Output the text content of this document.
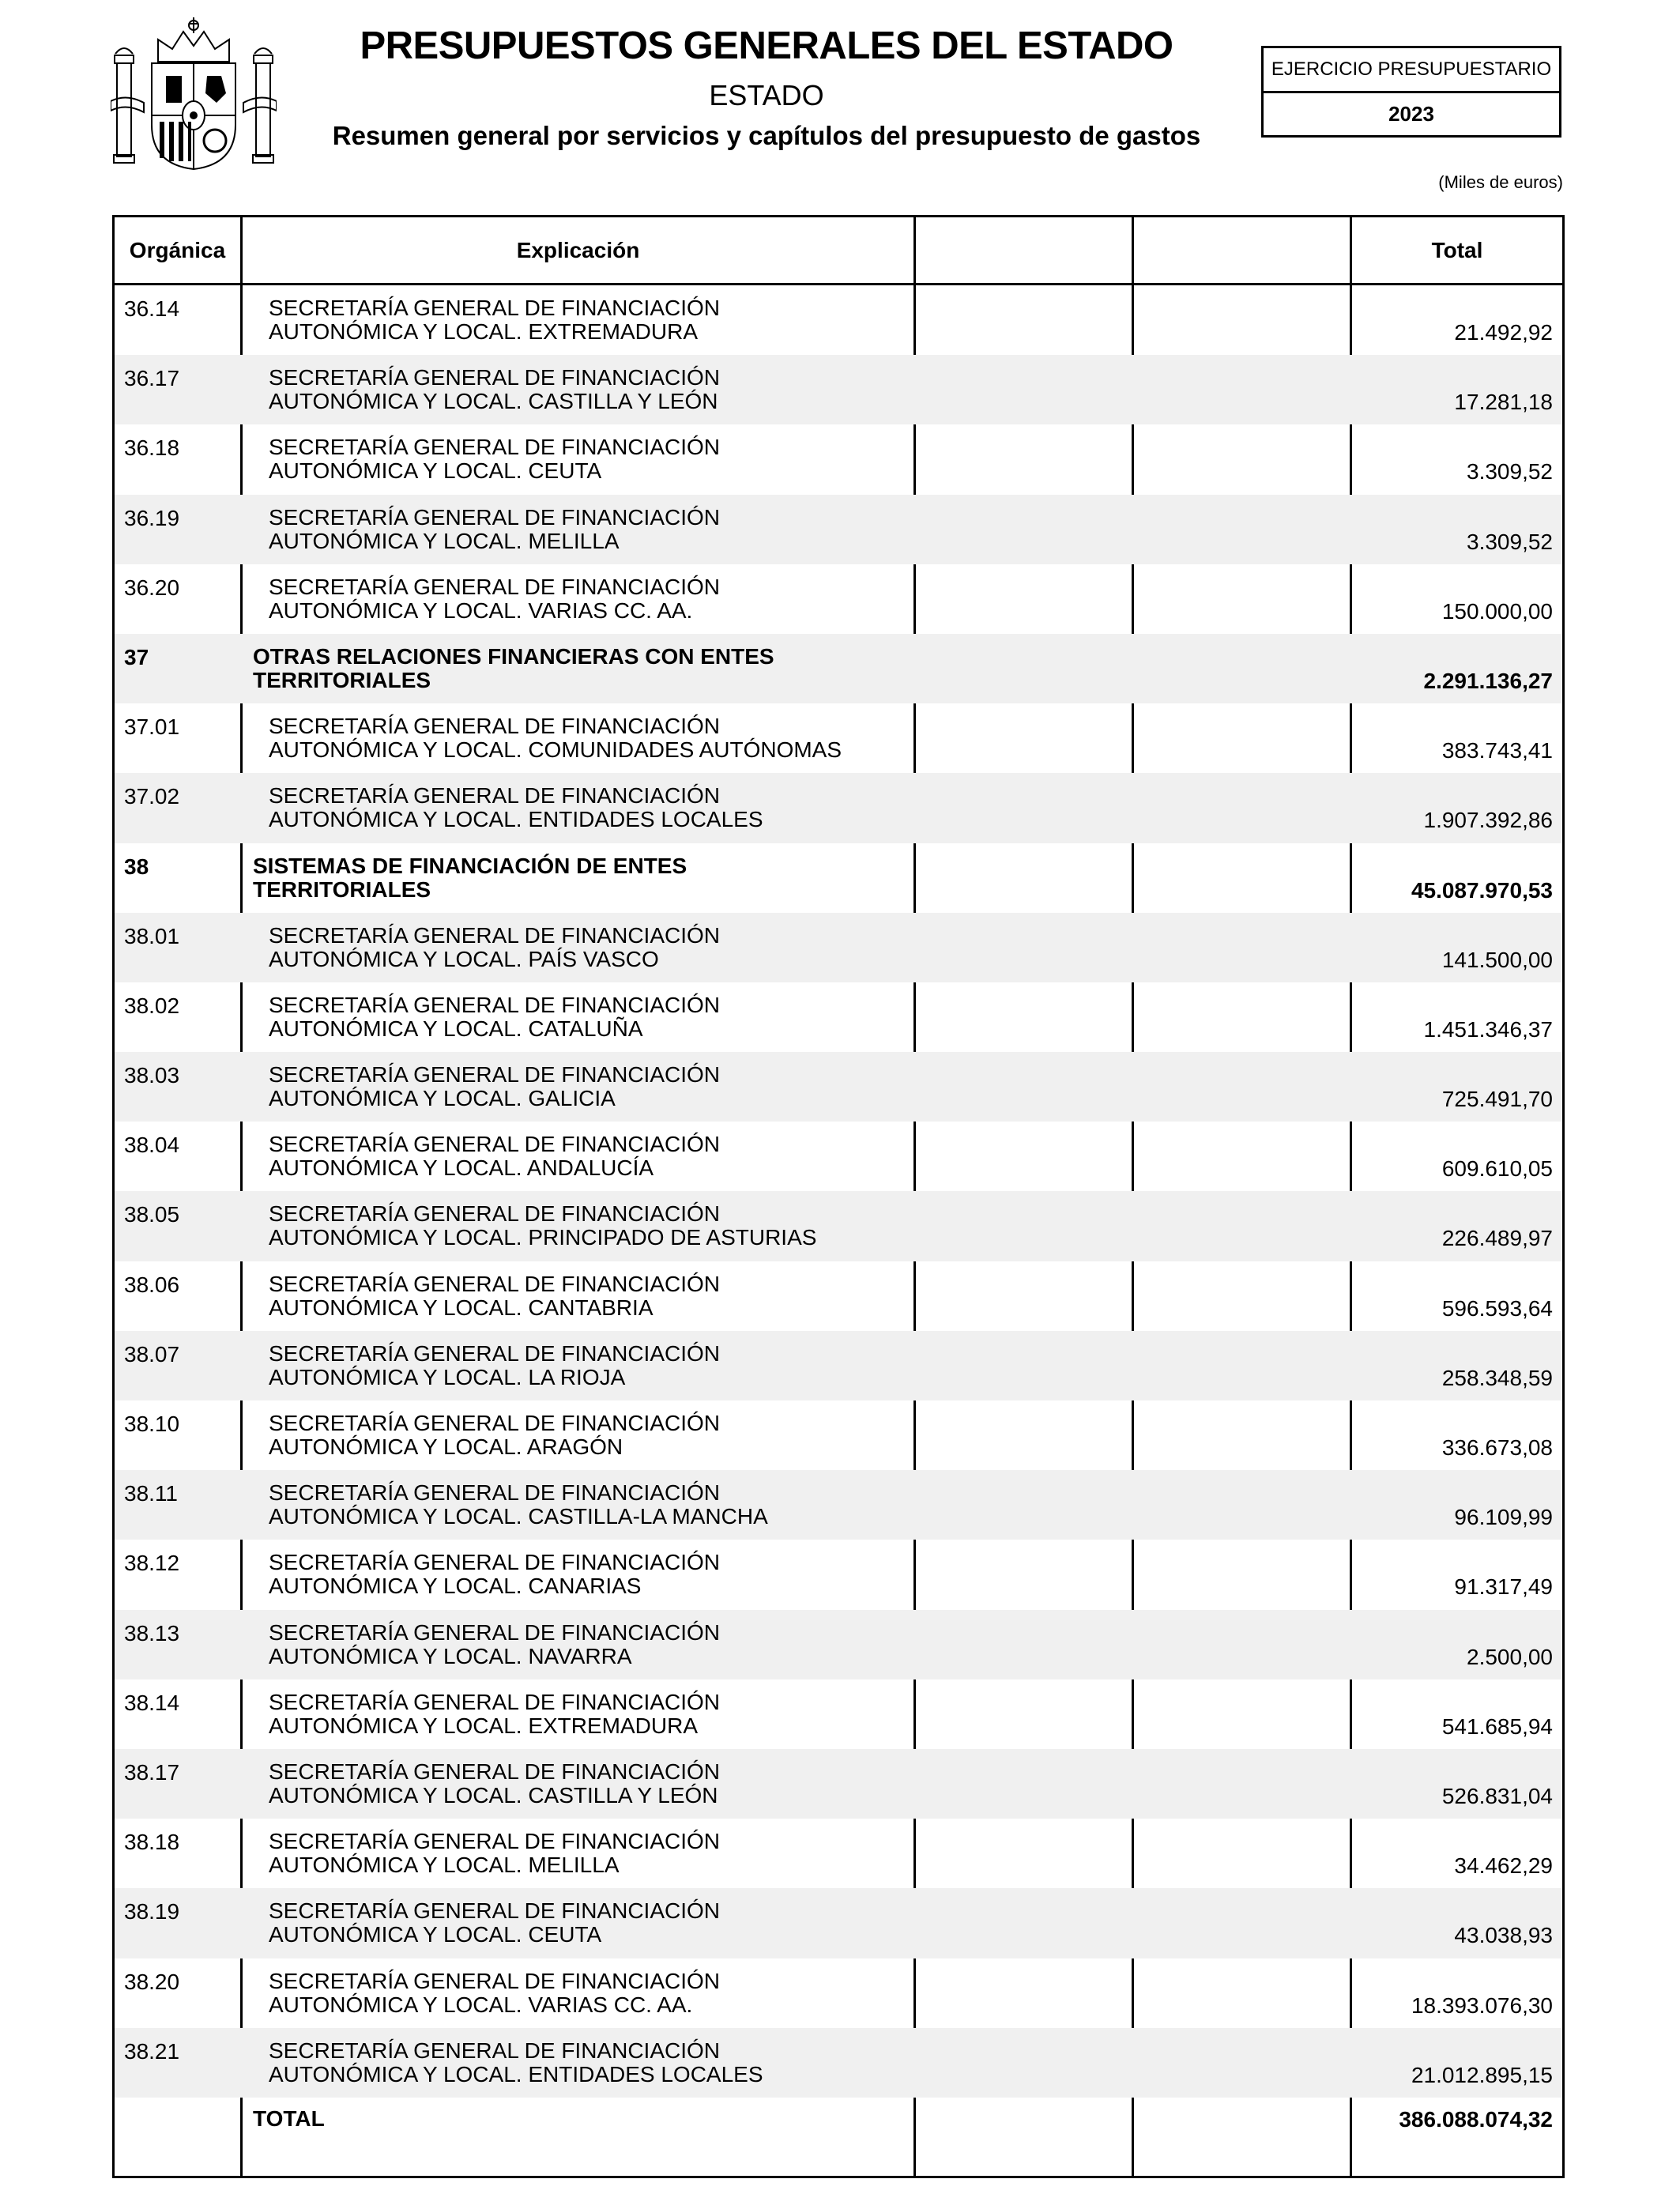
PRESUPUESTOS GENERALES DEL ESTADO
ESTADO
Resumen general por servicios y capítulos del presupuesto de gastos
EJERCICIO PRESUPUESTARIO
2023
(Miles de euros)
Orgánica	Explicación	Total
36.14	SECRETARÍA GENERAL DE FINANCIACIÓN
AUTONÓMICA Y LOCAL. EXTREMADURA	21.492,92
36.17	SECRETARÍA GENERAL DE FINANCIACIÓN
AUTONÓMICA Y LOCAL. CASTILLA Y LEÓN	17.281,18
36.18	SECRETARÍA GENERAL DE FINANCIACIÓN
AUTONÓMICA Y LOCAL. CEUTA	3.309,52
36.19	SECRETARÍA GENERAL DE FINANCIACIÓN
AUTONÓMICA Y LOCAL. MELILLA	3.309,52
36.20	SECRETARÍA GENERAL DE FINANCIACIÓN
AUTONÓMICA Y LOCAL. VARIAS CC. AA.	150.000,00
37	OTRAS RELACIONES FINANCIERAS CON ENTES
TERRITORIALES	2.291.136,27
37.01	SECRETARÍA GENERAL DE FINANCIACIÓN
AUTONÓMICA Y LOCAL. COMUNIDADES AUTÓNOMAS	383.743,41
37.02	SECRETARÍA GENERAL DE FINANCIACIÓN
AUTONÓMICA Y LOCAL. ENTIDADES LOCALES	1.907.392,86
38	SISTEMAS DE FINANCIACIÓN DE ENTES
TERRITORIALES	45.087.970,53
38.01	SECRETARÍA GENERAL DE FINANCIACIÓN
AUTONÓMICA Y LOCAL. PAÍS VASCO	141.500,00
38.02	SECRETARÍA GENERAL DE FINANCIACIÓN
AUTONÓMICA Y LOCAL. CATALUÑA	1.451.346,37
38.03	SECRETARÍA GENERAL DE FINANCIACIÓN
AUTONÓMICA Y LOCAL. GALICIA	725.491,70
38.04	SECRETARÍA GENERAL DE FINANCIACIÓN
AUTONÓMICA Y LOCAL. ANDALUCÍA	609.610,05
38.05	SECRETARÍA GENERAL DE FINANCIACIÓN
AUTONÓMICA Y LOCAL. PRINCIPADO DE ASTURIAS	226.489,97
38.06	SECRETARÍA GENERAL DE FINANCIACIÓN
AUTONÓMICA Y LOCAL. CANTABRIA	596.593,64
38.07	SECRETARÍA GENERAL DE FINANCIACIÓN
AUTONÓMICA Y LOCAL. LA RIOJA	258.348,59
38.10	SECRETARÍA GENERAL DE FINANCIACIÓN
AUTONÓMICA Y LOCAL. ARAGÓN	336.673,08
38.11	SECRETARÍA GENERAL DE FINANCIACIÓN
AUTONÓMICA Y LOCAL. CASTILLA-LA MANCHA	96.109,99
38.12	SECRETARÍA GENERAL DE FINANCIACIÓN
AUTONÓMICA Y LOCAL. CANARIAS	91.317,49
38.13	SECRETARÍA GENERAL DE FINANCIACIÓN
AUTONÓMICA Y LOCAL. NAVARRA	2.500,00
38.14	SECRETARÍA GENERAL DE FINANCIACIÓN
AUTONÓMICA Y LOCAL. EXTREMADURA	541.685,94
38.17	SECRETARÍA GENERAL DE FINANCIACIÓN
AUTONÓMICA Y LOCAL. CASTILLA Y LEÓN	526.831,04
38.18	SECRETARÍA GENERAL DE FINANCIACIÓN
AUTONÓMICA Y LOCAL. MELILLA	34.462,29
38.19	SECRETARÍA GENERAL DE FINANCIACIÓN
AUTONÓMICA Y LOCAL. CEUTA	43.038,93
38.20	SECRETARÍA GENERAL DE FINANCIACIÓN
AUTONÓMICA Y LOCAL. VARIAS CC. AA.	18.393.076,30
38.21	SECRETARÍA GENERAL DE FINANCIACIÓN
AUTONÓMICA Y LOCAL. ENTIDADES LOCALES	21.012.895,15
TOTAL	386.088.074,32
